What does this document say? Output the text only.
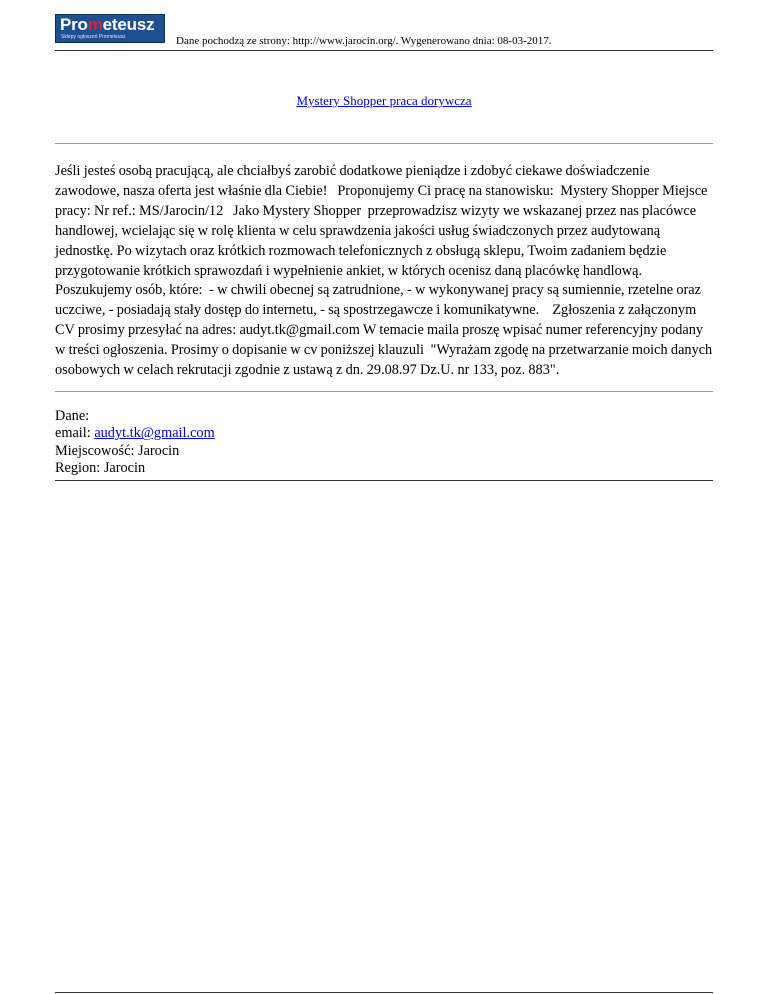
Prometeusz
Sklepy ogłoszeń Prometeusz	Dane pochodzą ze strony: http://www.jarocin.org/. Wygenerowano dnia: 08-03-2017.
Mystery Shopper praca dorywcza
Jeśli jesteś osobą pracującą, ale chciałbyś zarobić dodatkowe pieniądze i zdobyć ciekawe doświadczenie zawodowe, nasza oferta jest właśnie dla Ciebie!   Proponujemy Ci pracę na stanowisku:  Mystery Shopper Miejsce pracy: Nr ref.: MS/Jarocin/12   Jako Mystery Shopper  przeprowadzisz wizyty we wskazanej przez nas placówce handlowej, wcielając się w rolę klienta w celu sprawdzenia jakości usług świadczonych przez audytowaną jednostkę. Po wizytach oraz krótkich rozmowach telefonicznych z obsługą sklepu, Twoim zadaniem będzie przygotowanie krótkich sprawozdań i wypełnienie ankiet, w których ocenisz daną placówkę handlową.    Poszukujemy osób, które:  - w chwili obecnej są zatrudnione, - w wykonywanej pracy są sumiennie, rzetelne oraz uczciwe, - posiadają stały dostęp do internetu, - są spostrzegawcze i komunikatywne.    Zgłoszenia z załączonym CV prosimy przesyłać na adres: audyt.tk@gmail.com W temacie maila proszę wpisać numer referencyjny podany w treści ogłoszenia. Prosimy o dopisanie w cv poniższej klauzuli  "Wyrażam zgodę na przetwarzanie moich danych osobowych w celach rekrutacji zgodnie z ustawą z dn. 29.08.97 Dz.U. nr 133, poz. 883".
Dane:
email: audyt.tk@gmail.com
Miejscowość: Jarocin
Region: Jarocin
